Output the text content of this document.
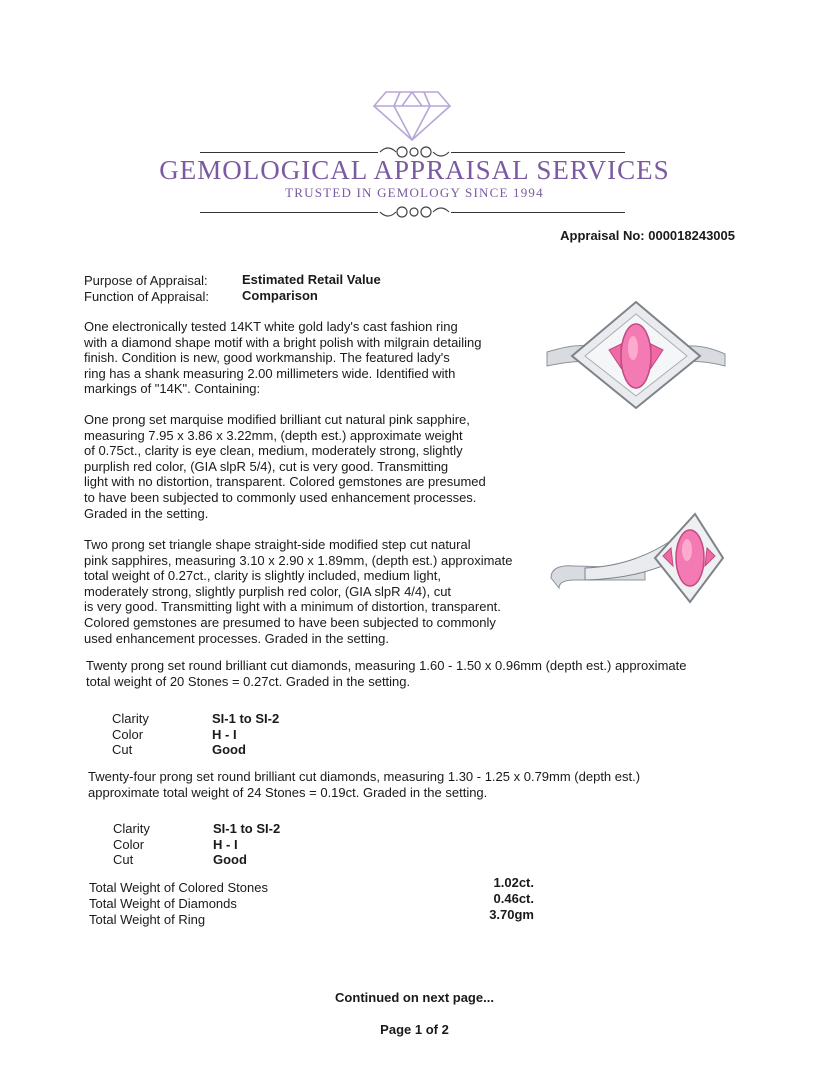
GEMOLOGICAL APPRAISAL SERVICES
TRUSTED IN GEMOLOGY SINCE 1994
Appraisal No: 000018243005
Purpose of Appraisal:	Estimated Retail Value
Function of Appraisal:	Comparison
One electronically tested 14KT white gold lady's cast fashion ring
with a diamond shape motif with a bright polish with milgrain detailing
finish. Condition is new, good workmanship. The featured lady's
ring has a shank measuring 2.00 millimeters wide. Identified with
markings of "14K". Containing:
One prong set marquise modified brilliant cut natural pink sapphire,
measuring 7.95 x 3.86 x 3.22mm, (depth est.) approximate weight
of 0.75ct., clarity is eye clean, medium, moderately strong, slightly
purplish red color, (GIA slpR 5/4), cut is very good. Transmitting
light with no distortion, transparent. Colored gemstones are presumed
to have been subjected to commonly used enhancement processes.
Graded in the setting.
Two prong set triangle shape straight-side modified step cut natural
pink sapphires, measuring 3.10 x 2.90 x 1.89mm, (depth est.) approximate
total weight of 0.27ct., clarity is slightly included, medium light,
moderately strong, slightly purplish red color, (GIA slpR 4/4), cut
is very good. Transmitting light with a minimum of distortion, transparent.
Colored gemstones are presumed to have been subjected to commonly
used enhancement processes. Graded in the setting.
Twenty prong set round brilliant cut diamonds, measuring 1.60 - 1.50 x 0.96mm (depth est.) approximate
total weight of 20 Stones = 0.27ct. Graded in the setting.
Clarity	SI-1 to SI-2
Color	H - I
Cut	Good
Twenty-four prong set round brilliant cut diamonds, measuring 1.30 - 1.25 x 0.79mm (depth est.)
approximate total weight of 24 Stones = 0.19ct. Graded in the setting.
Clarity	SI-1 to SI-2
Color	H - I
Cut	Good
Total Weight of Colored Stones	1.02ct.
Total Weight of Diamonds	0.46ct.
Total Weight of Ring	3.70gm
Continued on next page...
Page 1 of 2
